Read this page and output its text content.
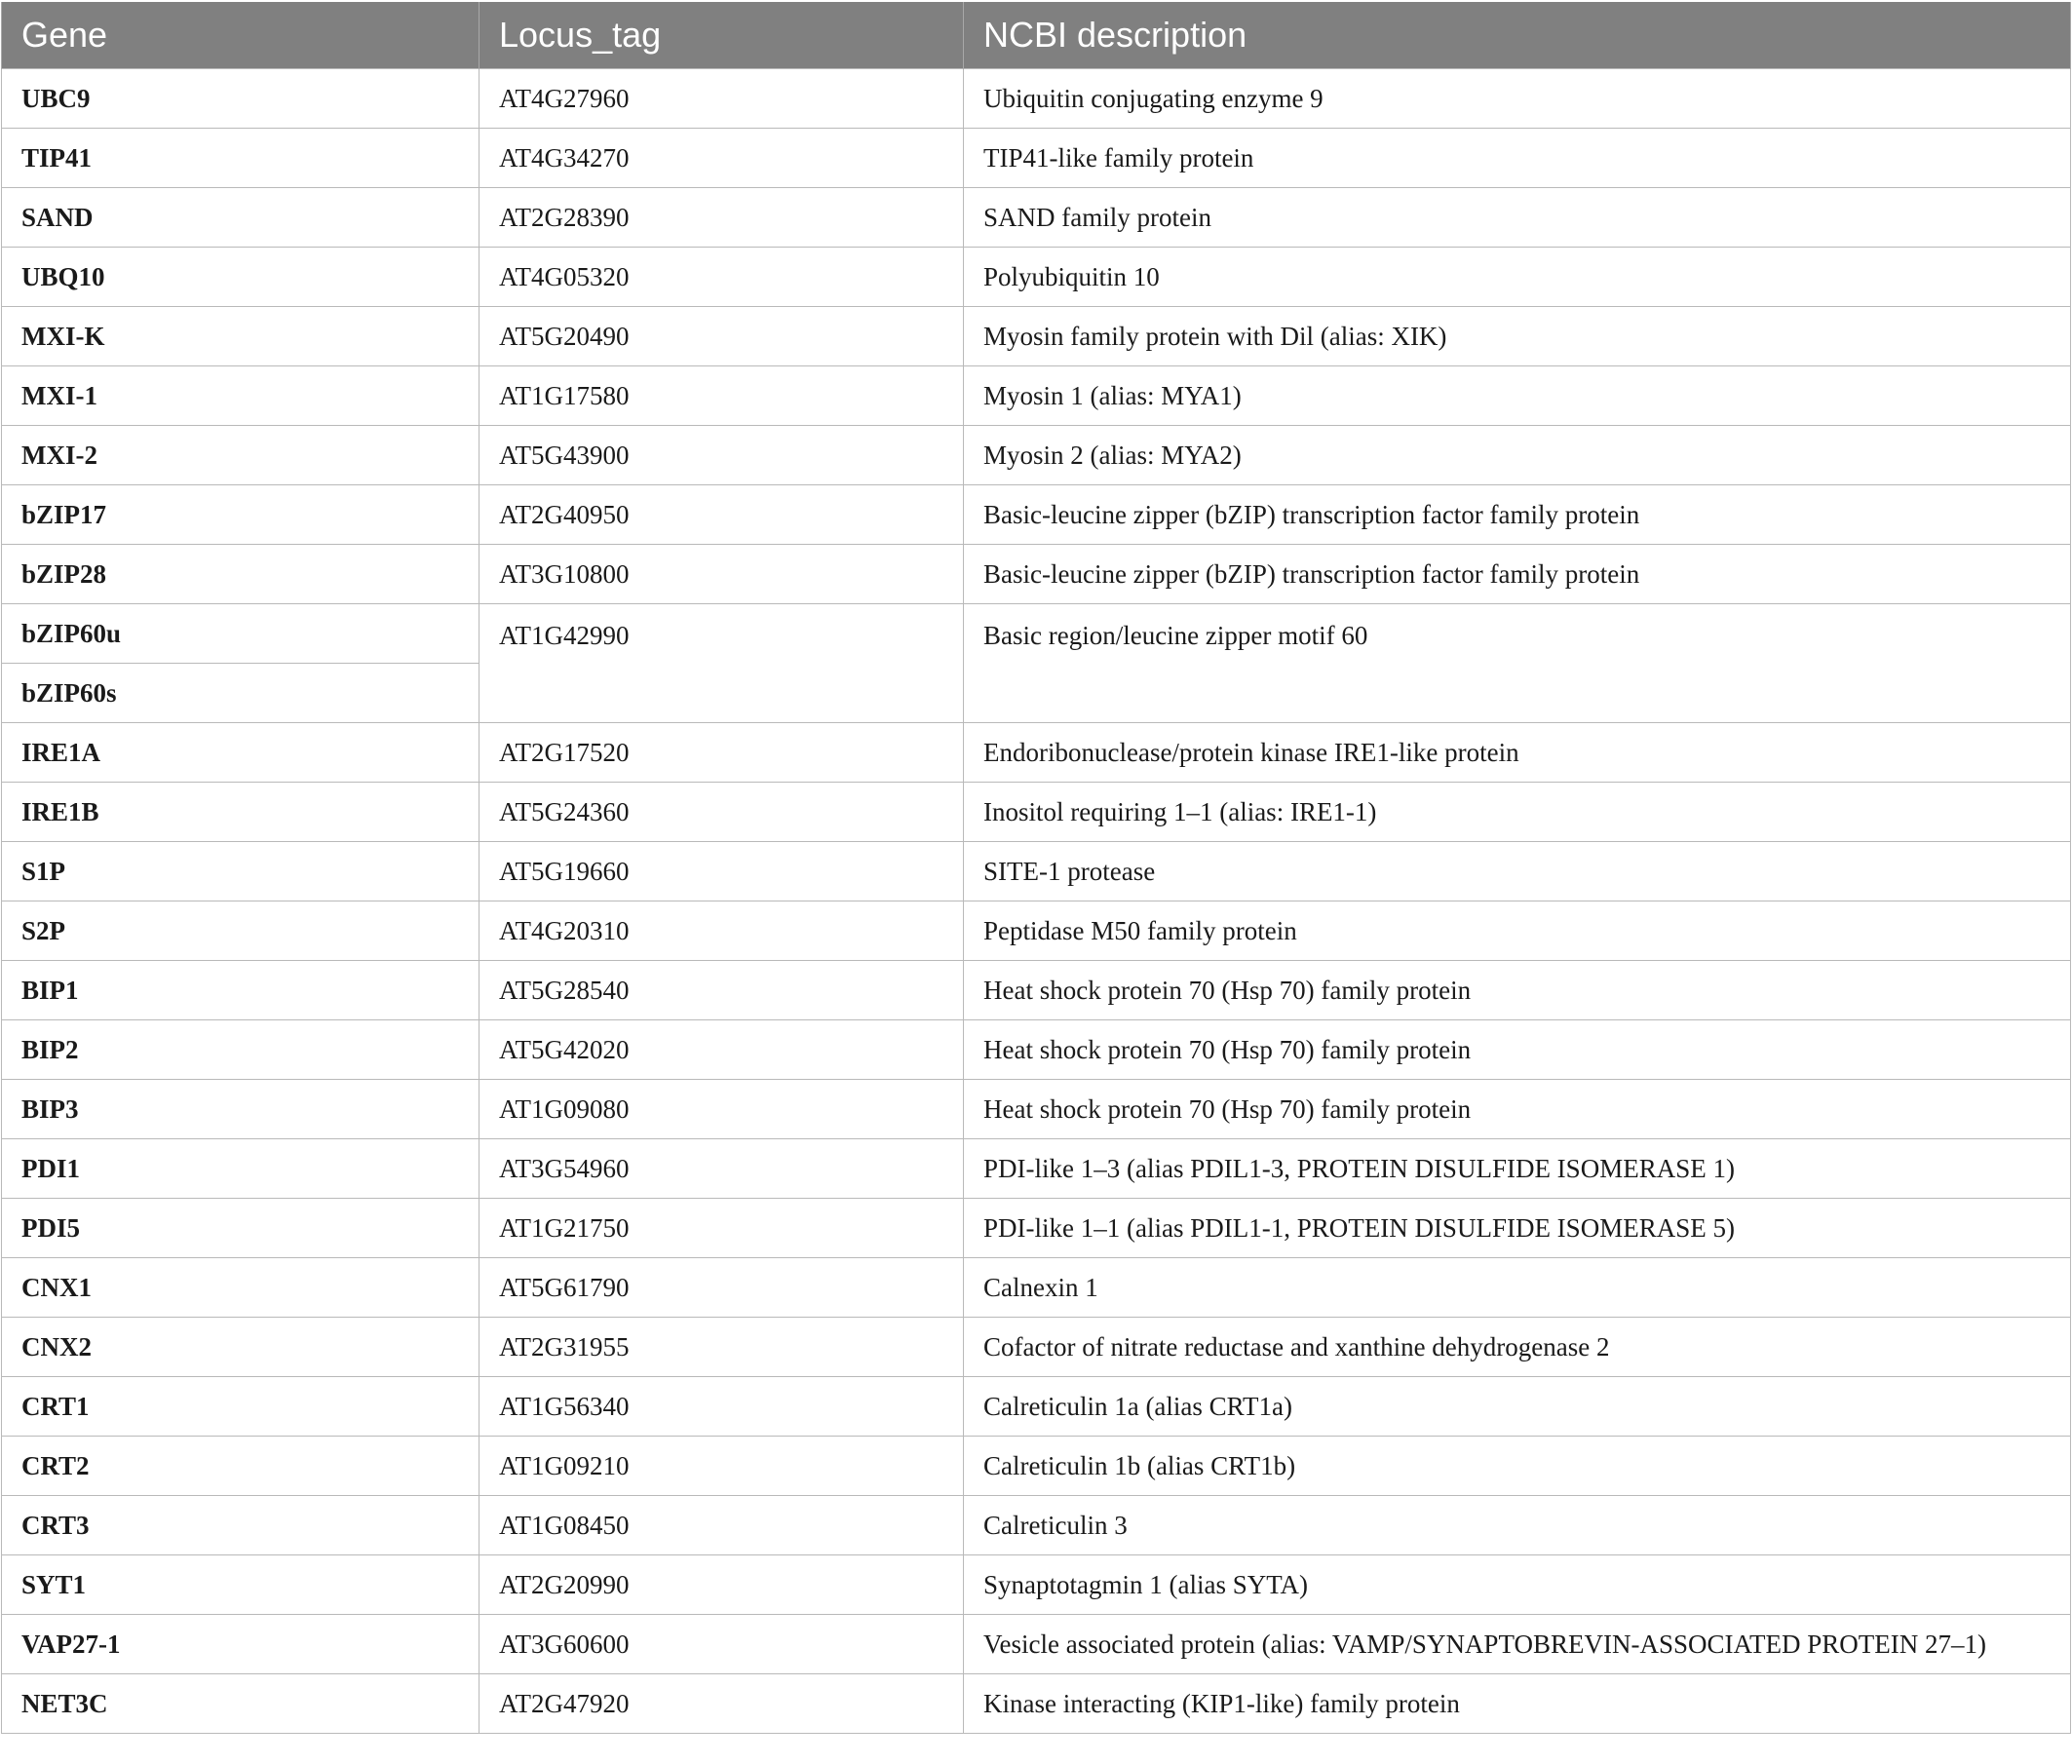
Gene	Locus_tag	NCBI description
UBC9	AT4G27960	Ubiquitin conjugating enzyme 9
TIP41	AT4G34270	TIP41-like family protein
SAND	AT2G28390	SAND family protein
UBQ10	AT4G05320	Polyubiquitin 10
MXI-K	AT5G20490	Myosin family protein with Dil (alias: XIK)
MXI-1	AT1G17580	Myosin 1 (alias: MYA1)
MXI-2	AT5G43900	Myosin 2 (alias: MYA2)
bZIP17	AT2G40950	Basic-leucine zipper (bZIP) transcription factor family protein
bZIP28	AT3G10800	Basic-leucine zipper (bZIP) transcription factor family protein
bZIP60u	AT1G42990	Basic region/leucine zipper motif 60
bZIP60s		
IRE1A	AT2G17520	Endoribonuclease/protein kinase IRE1-like protein
IRE1B	AT5G24360	Inositol requiring 1–1 (alias: IRE1-1)
S1P	AT5G19660	SITE-1 protease
S2P	AT4G20310	Peptidase M50 family protein
BIP1	AT5G28540	Heat shock protein 70 (Hsp 70) family protein
BIP2	AT5G42020	Heat shock protein 70 (Hsp 70) family protein
BIP3	AT1G09080	Heat shock protein 70 (Hsp 70) family protein
PDI1	AT3G54960	PDI-like 1–3 (alias PDIL1-3, PROTEIN DISULFIDE ISOMERASE 1)
PDI5	AT1G21750	PDI-like 1–1 (alias PDIL1-1, PROTEIN DISULFIDE ISOMERASE 5)
CNX1	AT5G61790	Calnexin 1
CNX2	AT2G31955	Cofactor of nitrate reductase and xanthine dehydrogenase 2
CRT1	AT1G56340	Calreticulin 1a (alias CRT1a)
CRT2	AT1G09210	Calreticulin 1b (alias CRT1b)
CRT3	AT1G08450	Calreticulin 3
SYT1	AT2G20990	Synaptotagmin 1 (alias SYTA)
VAP27-1	AT3G60600	Vesicle associated protein (alias: VAMP/SYNAPTOBREVIN-ASSOCIATED PROTEIN 27–1)
NET3C	AT2G47920	Kinase interacting (KIP1-like) family protein
